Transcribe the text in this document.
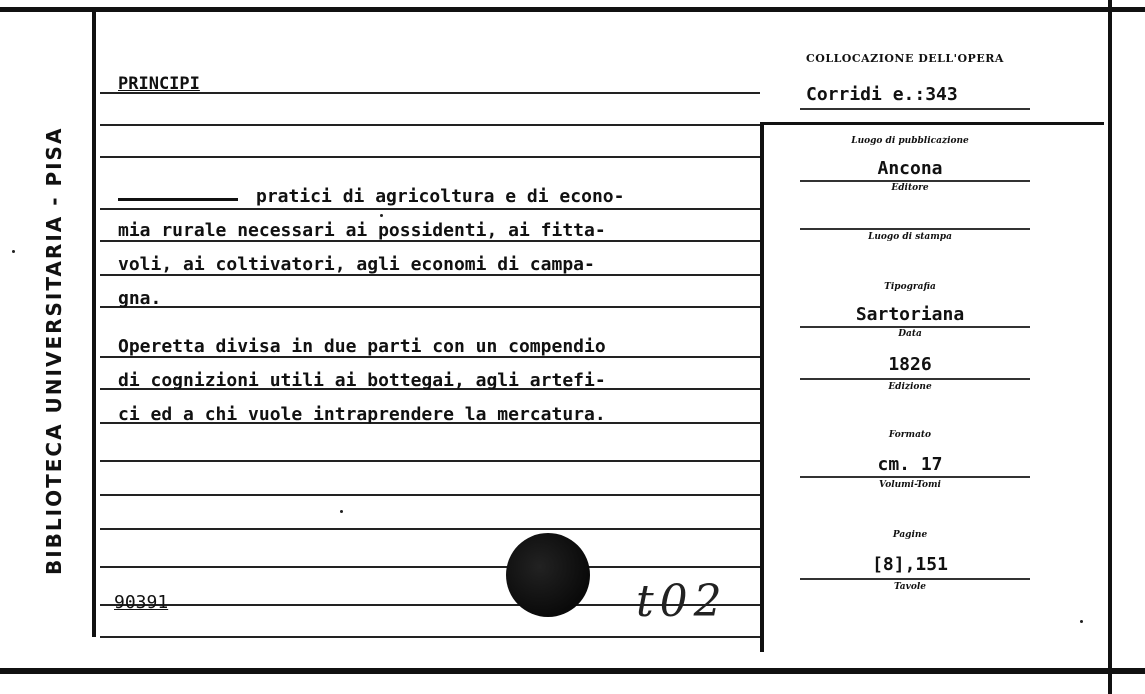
BIBLIOTECA UNIVERSITARIA - PISA
PRINCIPI
pratici di agricoltura e di econo-
mia rurale necessari ai possidenti, ai fitta-
voli, ai coltivatori, agli economi di campa-
gna.
Operetta divisa in due parti con un compendio
di cognizioni utili ai bottegai, agli artefi-
ci ed a chi vuole intraprendere la mercatura.
90391	t02
COLLOCAZIONE DELL'OPERA
Corridi e.:343
Luogo di pubblicazione
Ancona
Editore
Luogo di stampa
Tipografia
Sartoriana
Data
1826
Edizione
Formato
cm. 17
Volumi-Tomi
Pagine
[8],151
Tavole
